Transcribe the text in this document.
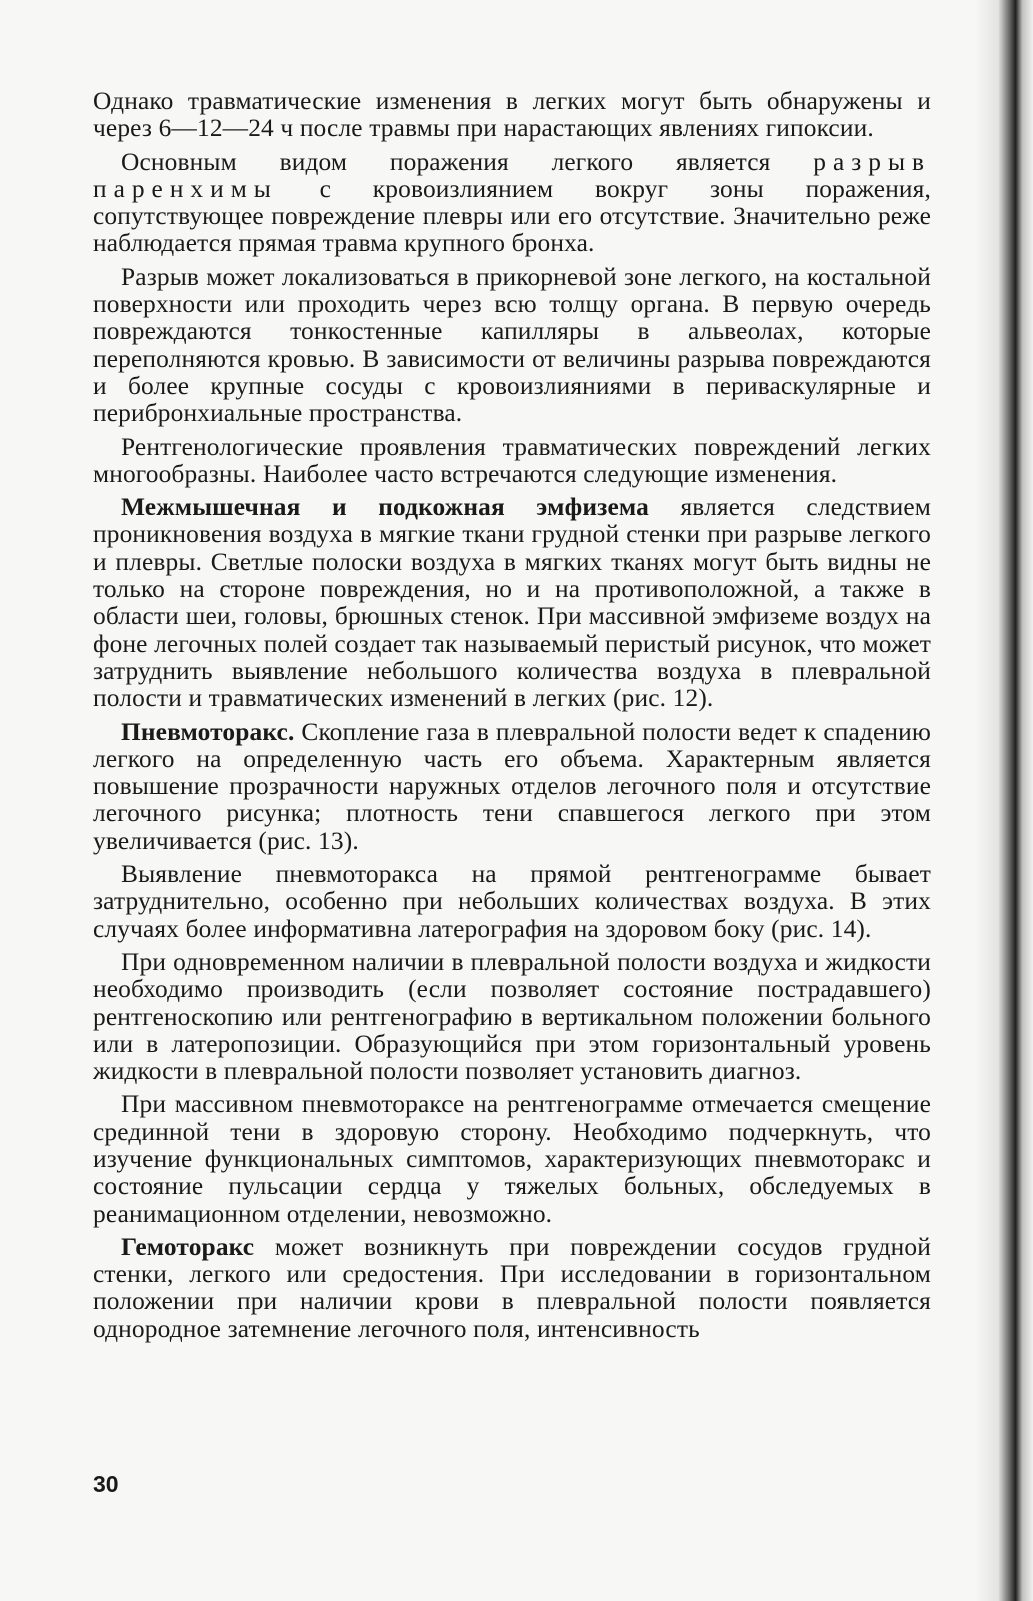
Однако травматические изменения в легких могут быть обнаружены и через 6—12—24 ч после травмы при нарастающих явлениях гипоксии.

Основным видом поражения легкого является разрыв паренхимы с кровоизлиянием вокруг зоны поражения, сопутствующее повреждение плевры или его отсутствие. Значительно реже наблюдается прямая травма крупного бронха.

Разрыв может локализоваться в прикорневой зоне легкого, на костальной поверхности или проходить через всю толщу органа. В первую очередь повреждаются тонкостенные капилляры в альвеолах, которые переполняются кровью. В зависимости от величины разрыва повреждаются и более крупные сосуды с кровоизлияниями в периваскулярные и перибронхиальные пространства.

Рентгенологические проявления травматических повреждений легких многообразны. Наиболее часто встречаются следующие изменения.

Межмышечная и подкожная эмфизема является следствием проникновения воздуха в мягкие ткани грудной стенки при разрыве легкого и плевры. Светлые полоски воздуха в мягких тканях могут быть видны не только на стороне повреждения, но и на противоположной, а также в области шеи, головы, брюшных стенок. При массивной эмфиземе воздух на фоне легочных полей создает так называемый перистый рисунок, что может затруднить выявление небольшого количества воздуха в плевральной полости и травматических изменений в легких (рис. 12).

Пневмоторакс. Скопление газа в плевральной полости ведет к спадению легкого на определенную часть его объема. Характерным является повышение прозрачности наружных отделов легочного поля и отсутствие легочного рисунка; плотность тени спавшегося легкого при этом увеличивается (рис. 13).

Выявление пневмоторакса на прямой рентгенограмме бывает затруднительно, особенно при небольших количествах воздуха. В этих случаях более информативна латерография на здоровом боку (рис. 14).

При одновременном наличии в плевральной полости воздуха и жидкости необходимо производить (если позволяет состояние пострадавшего) рентгеноскопию или рентгенографию в вертикальном положении больного или в латеропозиции. Образующийся при этом горизонтальный уровень жидкости в плевральной полости позволяет установить диагноз.

При массивном пневмотораксе на рентгенограмме отмечается смещение срединной тени в здоровую сторону. Необходимо подчеркнуть, что изучение функциональных симптомов, характеризующих пневмоторакс и состояние пульсации сердца у тяжелых больных, обследуемых в реанимационном отделении, невозможно.

Гемоторакс может возникнуть при повреждении сосудов грудной стенки, легкого или средостения. При исследовании в горизонтальном положении при наличии крови в плевральной полости появляется однородное затемнение легочного поля, интенсивность

30
